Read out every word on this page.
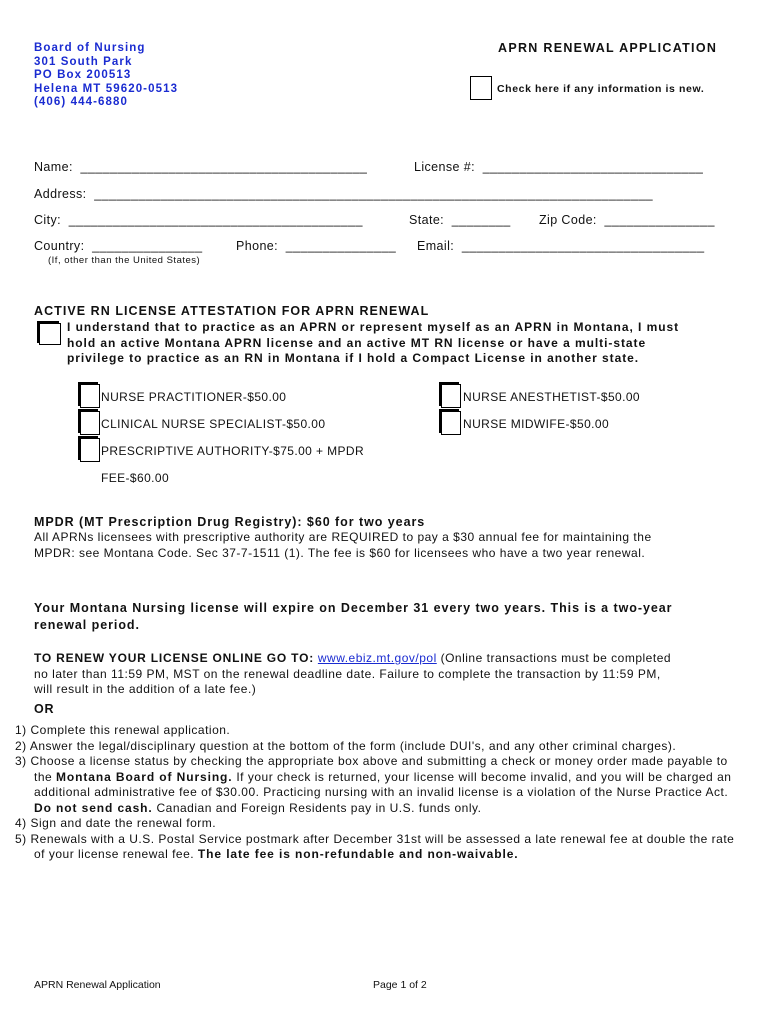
Board of Nursing
301 South Park
PO Box 200513
Helena MT 59620-0513
(406) 444-6880
APRN RENEWAL APPLICATION
Check here if any information is new.
Name:  _______________________________________	License #:  ______________________________
Address:  ____________________________________________________________________________
City:  ________________________________________	State:  ________ Zip Code:  _______________
Country:  _______________	Phone:  _______________ Email:  _________________________________
(If, other than the United States)
ACTIVE RN LICENSE ATTESTATION FOR APRN RENEWAL
I understand that to practice as an APRN or represent myself as an APRN in Montana, I must
hold an active Montana APRN license and an active MT RN license or have a multi-state
privilege to practice as an RN in Montana if I hold a Compact License in another state.
NURSE PRACTITIONER-$50.00
CLINICAL NURSE SPECIALIST-$50.00
PRESCRIPTIVE AUTHORITY-$75.00 + MPDR
FEE-$60.00
NURSE ANESTHETIST-$50.00
NURSE MIDWIFE-$50.00
MPDR (MT Prescription Drug Registry): $60 for two years
All APRNs licensees with prescriptive authority are REQUIRED to pay a $30 annual fee for maintaining the
MPDR: see Montana Code. Sec 37-7-1511 (1). The fee is $60 for licensees who have a two year renewal.
Your Montana Nursing license will expire on December 31 every two years. This is a two-year
renewal period.
TO RENEW YOUR LICENSE ONLINE GO TO: www.ebiz.mt.gov/pol (Online transactions must be completed
no later than 11:59 PM, MST on the renewal deadline date. Failure to complete the transaction by 11:59 PM,
will result in the addition of a late fee.)
OR
1) Complete this renewal application.
2) Answer the legal/disciplinary question at the bottom of the form (include DUI's, and any other criminal charges).
3) Choose a license status by checking the appropriate box above and submitting a check or money order made payable to the Montana Board of Nursing. If your check is returned, your license will become invalid, and you will be charged an additional administrative fee of $30.00. Practicing nursing with an invalid license is a violation of the Nurse Practice Act. Do not send cash. Canadian and Foreign Residents pay in U.S. funds only.
4) Sign and date the renewal form.
5) Renewals with a U.S. Postal Service postmark after December 31st will be assessed a late renewal fee at double the rate of your license renewal fee. The late fee is non-refundable and non-waivable.
APRN Renewal Application	Page 1 of 2
